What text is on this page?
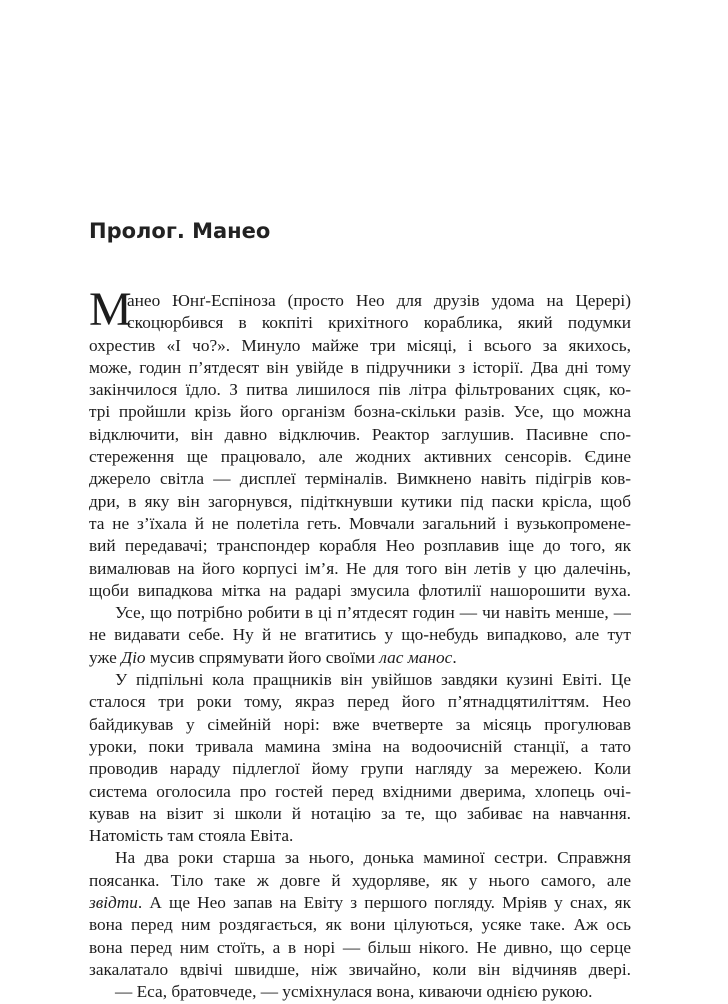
Пролог. Манео
М
анео Юнґ-Еспіноза (просто Нео для друзів удома на Церері)
скоцюрбився в кокпіті крихітного кораблика, який подумки
охрестив «І чо?». Минуло майже три місяці, і всього за якихось,
може, годин п’ятдесят він увійде в підручники з історії. Два дні тому
закінчилося їдло. З питва лишилося пів літра фільтрованих сцяк, ко-
трі пройшли крізь його організм бозна-скільки разів. Усе, що можна
відключити, він давно відключив. Реактор заглушив. Пасивне спо-
стереження ще працювало, але жодних активних сенсорів. Єдине
джерело світла — дисплеї терміналів. Вимкнено навіть підігрів ков-
дри, в яку він загорнувся, підіткнувши кутики під паски крісла, щоб
та не з’їхала й не полетіла геть. Мовчали загальний і вузькопромене-
вий передавачі; транспондер корабля Нео розплавив іще до того, як
вималював на його корпусі ім’я. Не для того він летів у цю далечінь,
щоби випадкова мітка на радарі змусила флотилії нашорошити вуха.
Усе, що потрібно робити в ці п’ятдесят годин — чи навіть менше, —
не видавати себе. Ну й не вгатитись у що-небудь випадково, але тут
уже Діо мусив спрямувати його своїми лас манос.
У підпільні кола пращників він увійшов завдяки кузині Евіті. Це
сталося три роки тому, якраз перед його п’ятнадцятиліттям. Нео
байдикував у сімейній норі: вже вчетверте за місяць прогулював
уроки, поки тривала мамина зміна на водоочисній станції, а тато
проводив нараду підлеглої йому групи нагляду за мережею. Коли
система оголосила про гостей перед вхідними дверима, хлопець очі-
кував на візит зі школи й нотацію за те, що забиває на навчання.
Натомість там стояла Евіта.
На два роки старша за нього, донька маминої сестри. Справжня
поясанка. Тіло таке ж довге й худорляве, як у нього самого, але
звідти. А ще Нео запав на Евіту з першого погляду. Мріяв у снах, як
вона перед ним роздягається, як вони цілуються, усяке таке. Аж ось
вона перед ним стоїть, а в норі — більш нікого. Не дивно, що серце
закалатало вдвічі швидше, ніж звичайно, коли він відчиняв двері.
— Еса, братовчеде, — усміхнулася вона, киваючи однією рукою.
